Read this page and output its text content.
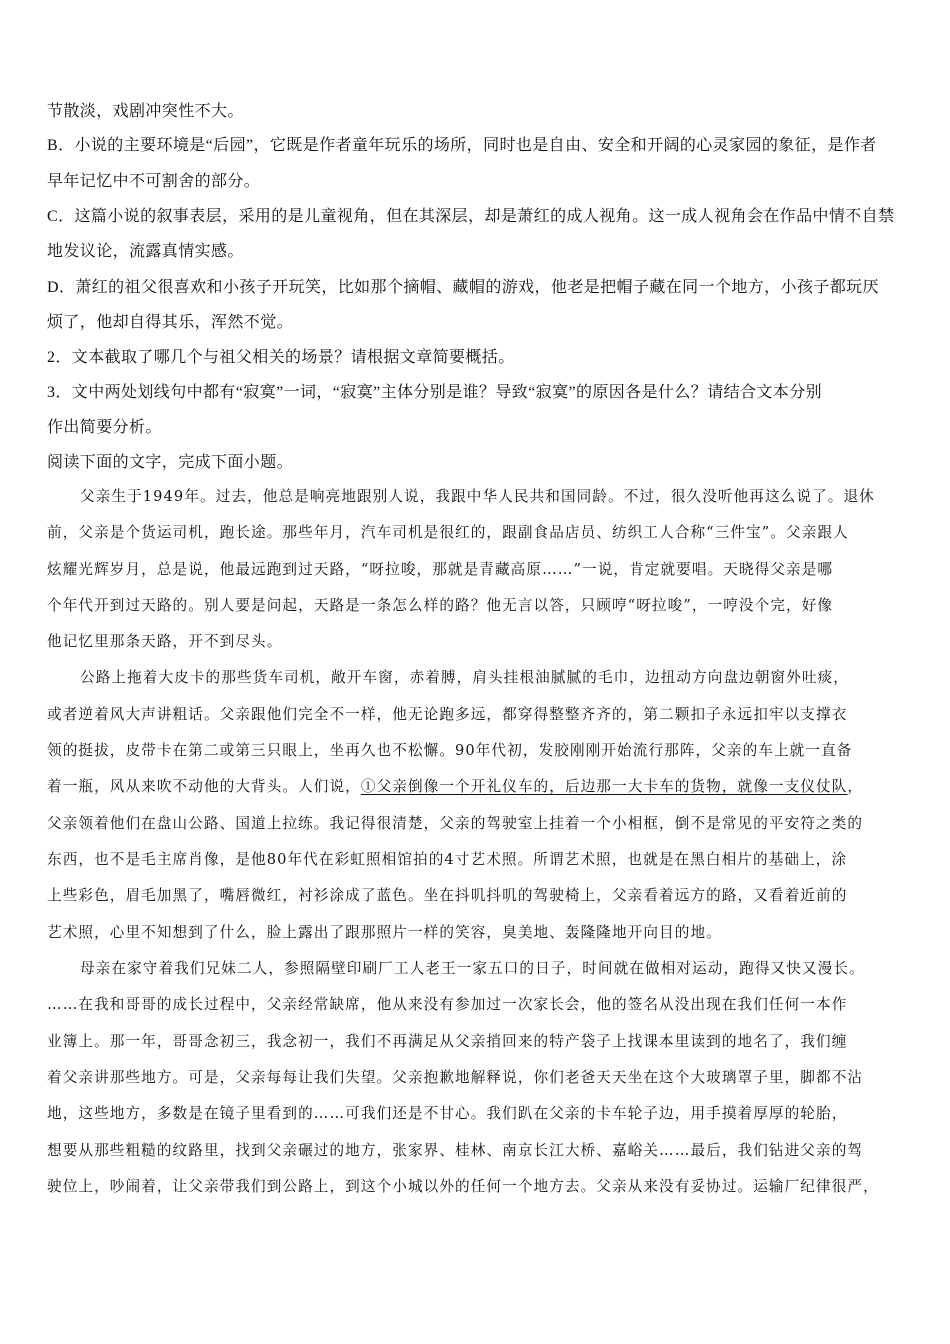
节散淡，戏剧冲突性不大。
B．小说的主要环境是“后园”，它既是作者童年玩乐的场所，同时也是自由、安全和开阔的心灵家园的象征，是作者
早年记忆中不可割舍的部分。
C．这篇小说的叙事表层，采用的是儿童视角，但在其深层，却是萧红的成人视角。这一成人视角会在作品中情不自禁
地发议论，流露真情实感。
D．萧红的祖父很喜欢和小孩子开玩笑，比如那个摘帽、藏帽的游戏，他老是把帽子藏在同一个地方，小孩子都玩厌
烦了，他却自得其乐，浑然不觉。
2．文本截取了哪几个与祖父相关的场景？请根据文章简要概括。
3．文中两处划线句中都有“寂寞”一词，“寂寞”主体分别是谁？导致“寂寞”的原因各是什么？请结合文本分别
作出简要分析。
阅读下面的文字，完成下面小题。
父亲生于1949年。过去，他总是响亮地跟别人说，我跟中华人民共和国同龄。不过，很久没听他再这么说了。退休
前，父亲是个货运司机，跑长途。那些年月，汽车司机是很红的，跟副食品店员、纺织工人合称“三件宝”。父亲跟人
炫耀光辉岁月，总是说，他最远跑到过天路，“呀拉唆，那就是青藏高原……”一说，肯定就要唱。天晓得父亲是哪
个年代开到过天路的。别人要是问起，天路是一条怎么样的路？他无言以答，只顾哼“呀拉唆”，一哼没个完，好像
他记忆里那条天路，开不到尽头。
公路上拖着大皮卡的那些货车司机，敞开车窗，赤着膊，肩头挂根油腻腻的毛巾，边扭动方向盘边朝窗外吐痰，
或者逆着风大声讲粗话。父亲跟他们完全不一样，他无论跑多远，都穿得整整齐齐的，第二颗扣子永远扣牢以支撑衣
领的挺拔，皮带卡在第二或第三只眼上，坐再久也不松懈。90年代初，发胶刚刚开始流行那阵，父亲的车上就一直备
着一瓶，风从来吹不动他的大背头。人们说，①父亲倒像一个开礼仪车的，后边那一大卡车的货物，就像一支仪仗队，
父亲领着他们在盘山公路、国道上拉练。我记得很清楚，父亲的驾驶室上挂着一个小相框，倒不是常见的平安符之类的
东西，也不是毛主席肖像，是他80年代在彩虹照相馆拍的4寸艺术照。所谓艺术照，也就是在黑白相片的基础上，涂
上些彩色，眉毛加黑了，嘴唇微红，衬衫涂成了蓝色。坐在抖叽抖叽的驾驶椅上，父亲看着远方的路，又看着近前的
艺术照，心里不知想到了什么，脸上露出了跟那照片一样的笑容，臭美地、轰隆隆地开向目的地。
母亲在家守着我们兄妹二人，参照隔壁印刷厂工人老王一家五口的日子，时间就在做相对运动，跑得又快又漫长。
……在我和哥哥的成长过程中，父亲经常缺席，他从来没有参加过一次家长会，他的签名从没出现在我们任何一本作
业簿上。那一年，哥哥念初三，我念初一，我们不再满足从父亲捎回来的特产袋子上找课本里读到的地名了，我们缠
着父亲讲那些地方。可是，父亲每每让我们失望。父亲抱歉地解释说，你们老爸天天坐在这个大玻璃罩子里，脚都不沾
地，这些地方，多数是在镜子里看到的……可我们还是不甘心。我们趴在父亲的卡车轮子边，用手摸着厚厚的轮胎，
想要从那些粗糙的纹路里，找到父亲碾过的地方，张家界、桂林、南京长江大桥、嘉峪关……最后，我们钻进父亲的驾
驶位上，吵闹着，让父亲带我们到公路上，到这个小城以外的任何一个地方去。父亲从来没有妥协过。运输厂纪律很严，
